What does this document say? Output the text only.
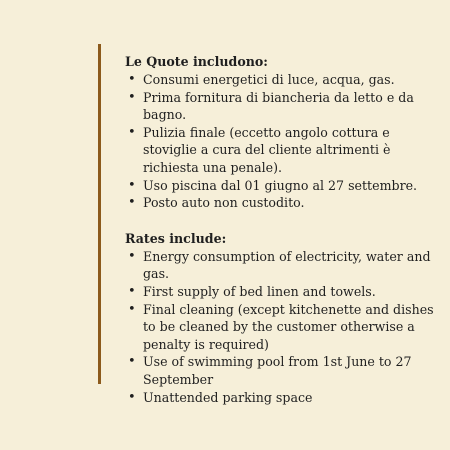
Le Quote includono:

• Consumi energetici di luce, acqua, gas.
• Prima fornitura di biancheria da letto e da bagno.
• Pulizia finale (eccetto angolo cottura e stoviglie a cura del cliente altrimenti è richiesta una penale).
• Uso piscina dal 01 giugno al 27 settembre.
• Posto auto non custodito.

Rates include:

• Energy consumption of electricity, water and gas.
• First supply of bed linen and towels.
• Final cleaning (except kitchenette and dishes to be cleaned by the customer otherwise a penalty is required)
• Use of swimming pool from 1st June to 27 September
• Unattended parking space
